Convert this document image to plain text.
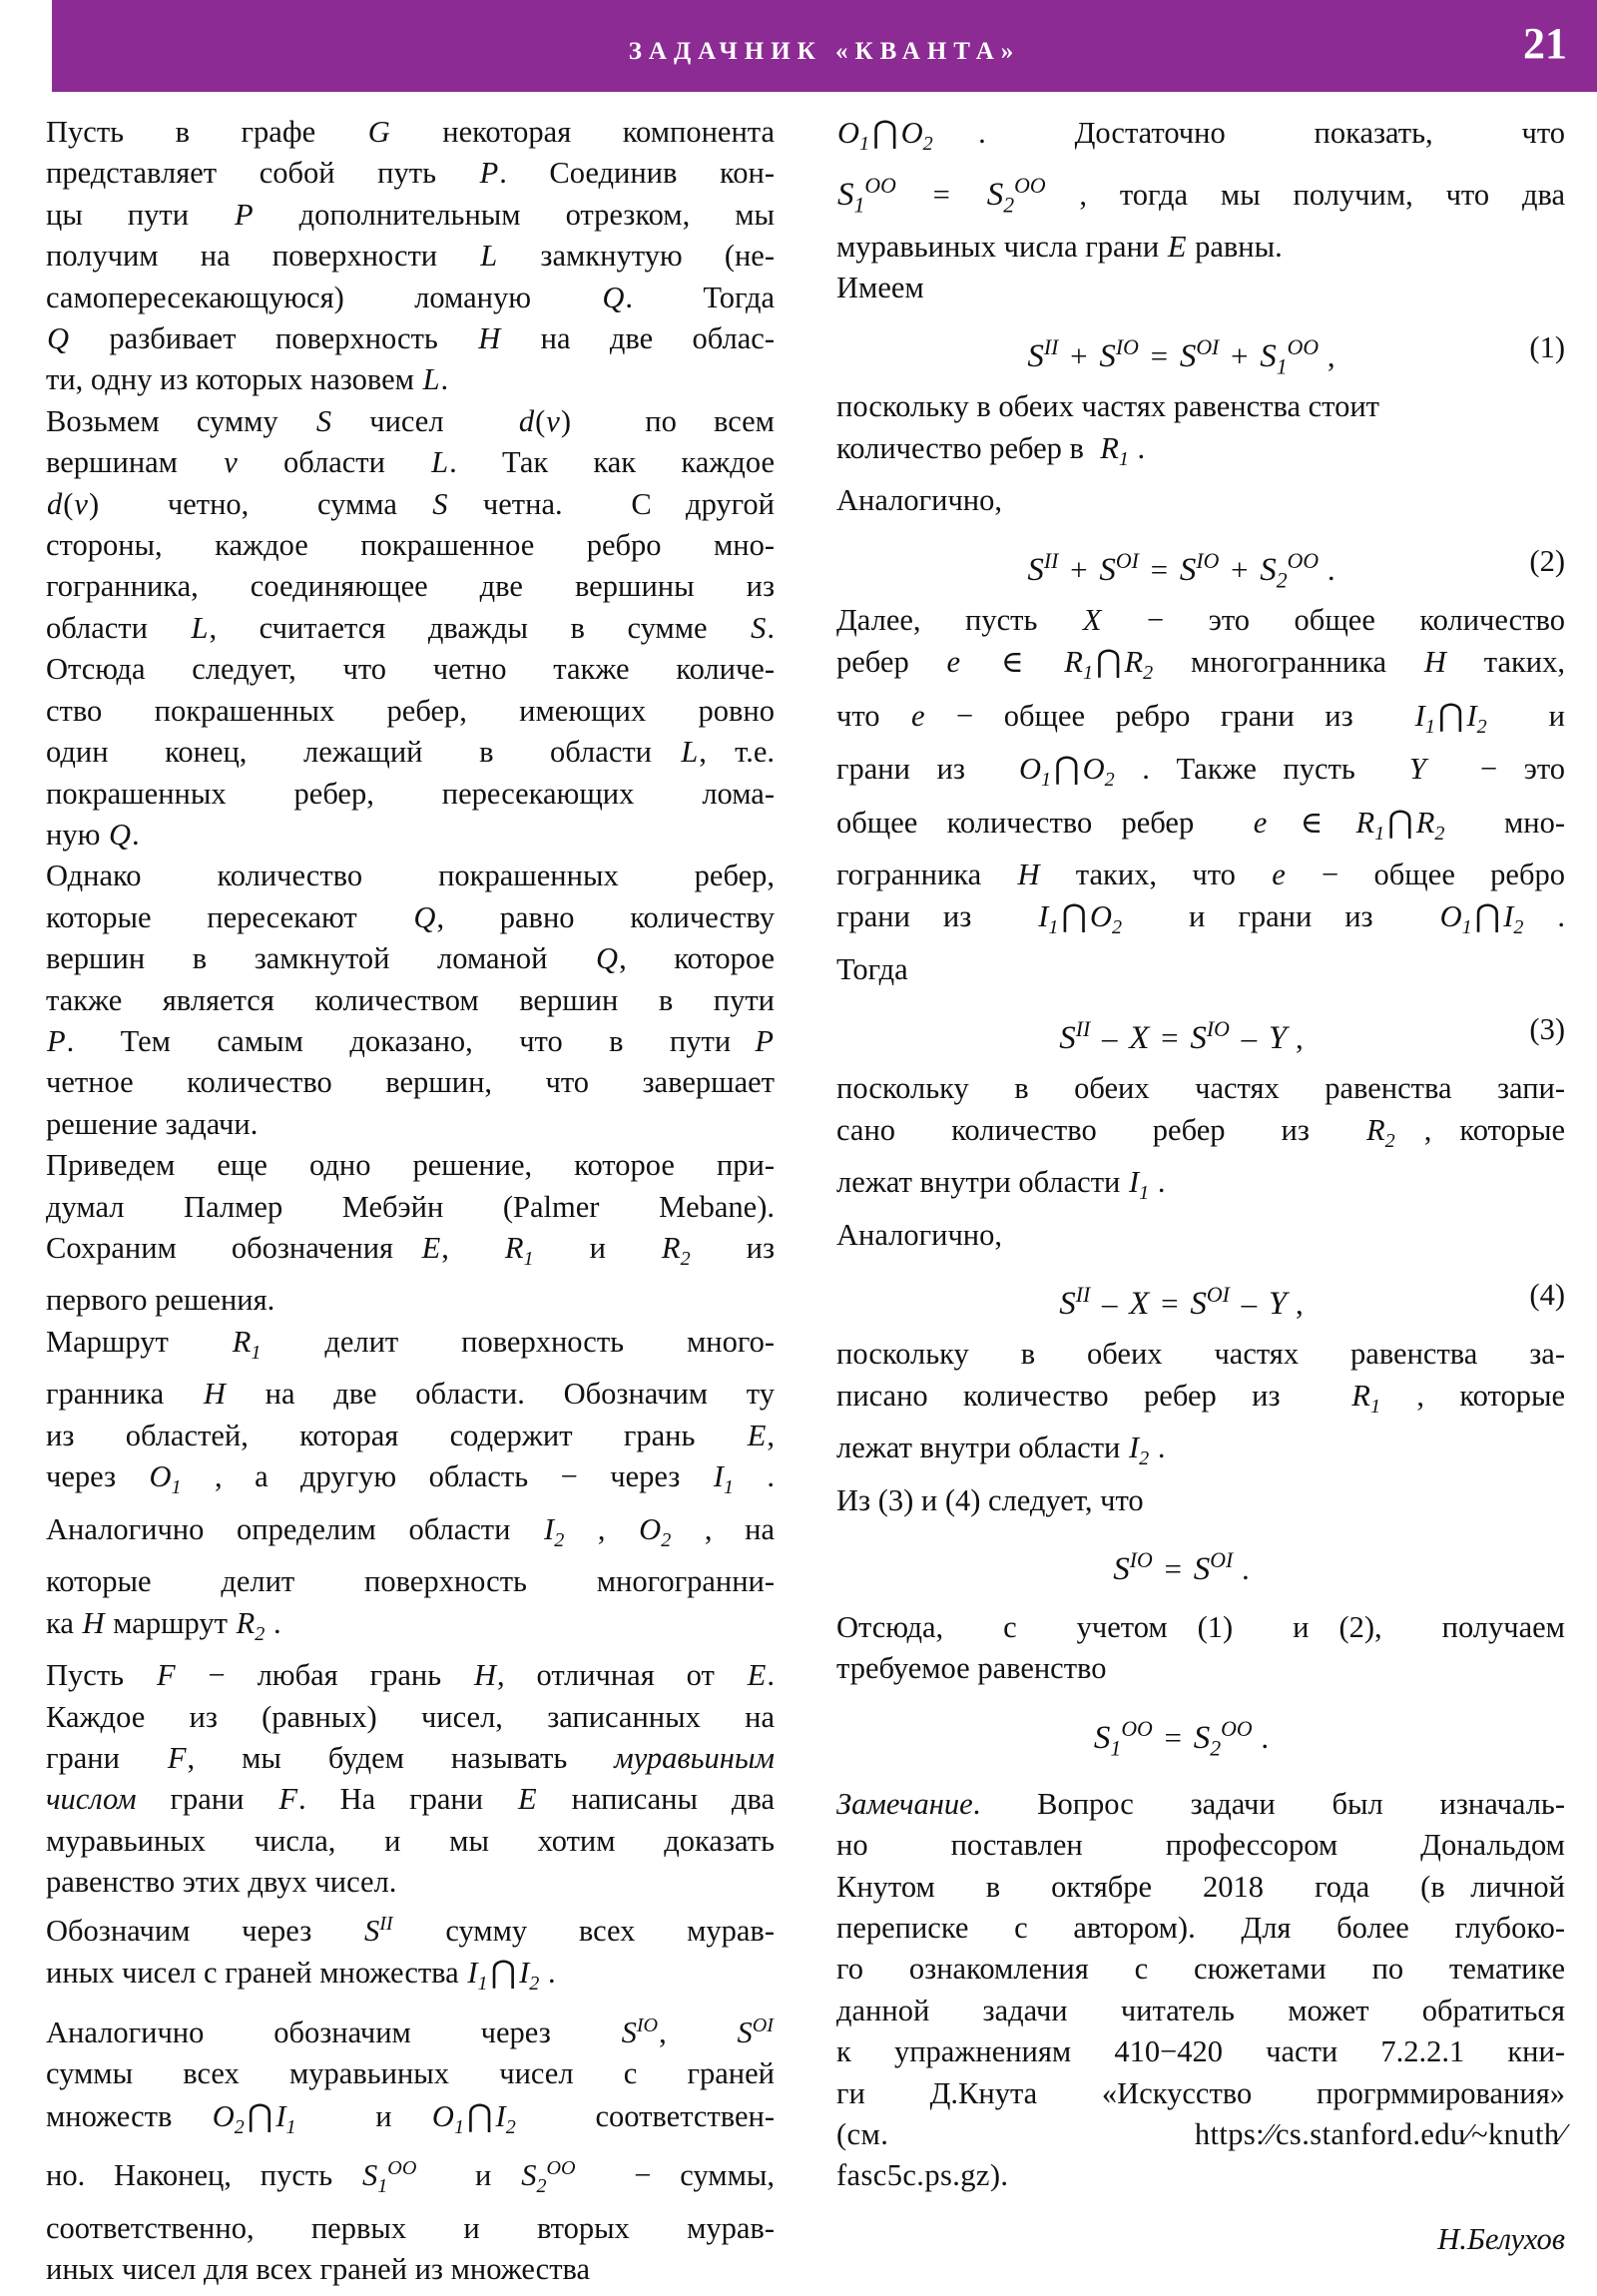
ЗАДАЧНИК «КВАНТА»	21
Пусть в графе G некоторая компонента
представляет собой путь P. Соединив кон-
цы пути P дополнительным отрезком, мы
получим на поверхности L замкнутую (не-
самопересекающуюся) ломаную Q. Тогда
Q разбивает поверхность H на две облас-
ти, одну из которых назовем L.
Возьмем сумму S чисел  d(v)  по всем
вершинам v области L. Так как каждое
d(v)  четно,  сумма S четна.  С другой
стороны, каждое покрашенное ребро мно-
гогранника, соединяющее две вершины из
области L, считается дважды в сумме S.
Отсюда следует, что четно также количе-
ство покрашенных ребер, имеющих ровно
один  конец,  лежащий  в  области L, т.е.
покрашенных ребер, пересекающих лома-
ную Q.
Однако количество покрашенных ребер,
которые пересекают Q, равно количеству
вершин в замкнутой ломаной Q, которое
также является количеством вершин в пути
P.  Тем  самым  доказано,  что  в  пути P
четное количество вершин, что завершает
решение задачи.
Приведем еще одно решение, которое при-
думал Палмер Мебэйн (Palmer Mebane).
Сохраним  обозначения E,  $R_1$  и  $R_2$  из
первого решения.
Маршрут  $R_1$  делит  поверхность  много-
гранника H на две области. Обозначим ту
из областей, которая содержит грань E,
через $O_1$ , а другую область − через $I_1$ .
Аналогично определим области $I_2$ , $O_2$ , на
которые делит поверхность многогранни-
ка H маршрут $R_2$ .
Пусть F − любая грань H, отличная от E.
Каждое из (равных) чисел, записанных на
грани F, мы будем называть муравьиным
числом грани F. На грани E написаны два
муравьиных числа, и мы хотим доказать
равенство этих двух чисел.
Обозначим  через  $S^{II}$  сумму  всех  мурав-
иных чисел с граней множества $I_1⋂I_2$ .
Аналогично  обозначим  через  $S^{IO}$,  $S^{OI}$
суммы всех муравьиных чисел с граней
множеств $O_2⋂I_1$  и $O_1⋂I_2$  соответствен-
но. Наконец, пусть $S_1^{OO}$  и $S_2^{OO}$  − суммы,
соответственно, первых и вторых мурав-
иных чисел для всех граней из множества
$O_1⋂O_2$ .  Достаточно  показать,  что
$S_1^{OO} = S_2^{OO}$ , тогда мы получим, что два
муравьиных числа грани E равны.
Имеем
$S^{II} + S^{IO} = S^{OI} + S_1^{OO}$ ,	(1)
поскольку в обеих частях равенства стоит
количество ребер в  $R_1$ .
Аналогично,
$S^{II} + S^{OI} = S^{IO} + S_2^{OO}$ .	(2)
Далее,  пусть  X  −  это  общее  количество
ребер e ∈ $R_1⋂R_2$ многогранника H таких,
что e − общее ребро грани из  $I_1⋂I_2$  и
грани из  $O_1⋂O_2$ . Также пусть  Y  − это
общее количество ребер  e ∈ $R_1⋂R_2$  мно-
гогранника H таких, что e − общее ребро
грани из  $I_1⋂O_2$  и грани из  $O_1⋂I_2$ .
Тогда
$S^{II} - X = S^{IO} - Y$ ,	(3)
поскольку в обеих частях равенства запи-
сано  количество  ребер  из  $R_2$ , которые
лежат внутри области $I_1$ .
Аналогично,
$S^{II} - X = S^{OI} - Y$ ,	(4)
поскольку в обеих частях равенства за-
писано количество ребер из  $R_1$ , которые
лежат внутри области $I_2$ .
Из (3) и (4) следует, что
$S^{IO} = S^{OI}$ .
Отсюда,  с  учетом (1)  и (2),  получаем
требуемое равенство
$S_1^{OO} = S_2^{OO}$ .
Замечание. Вопрос задачи был изначаль-
но  поставлен  профессором  Дональдом
Кнутом  в  октябре  2018  года  (в личной
переписке с автором). Для более глубоко-
го ознакомления с сюжетами по тематике
данной задачи читатель может обратиться
к упражнениям 410−420 части 7.2.2.1 кни-
ги Д.Кнута «Искусство прогрммирования»
(см.  https:∕∕cs.stanford.edu∕~knuth∕
fasc5c.ps.gz).
Н.Белухов
